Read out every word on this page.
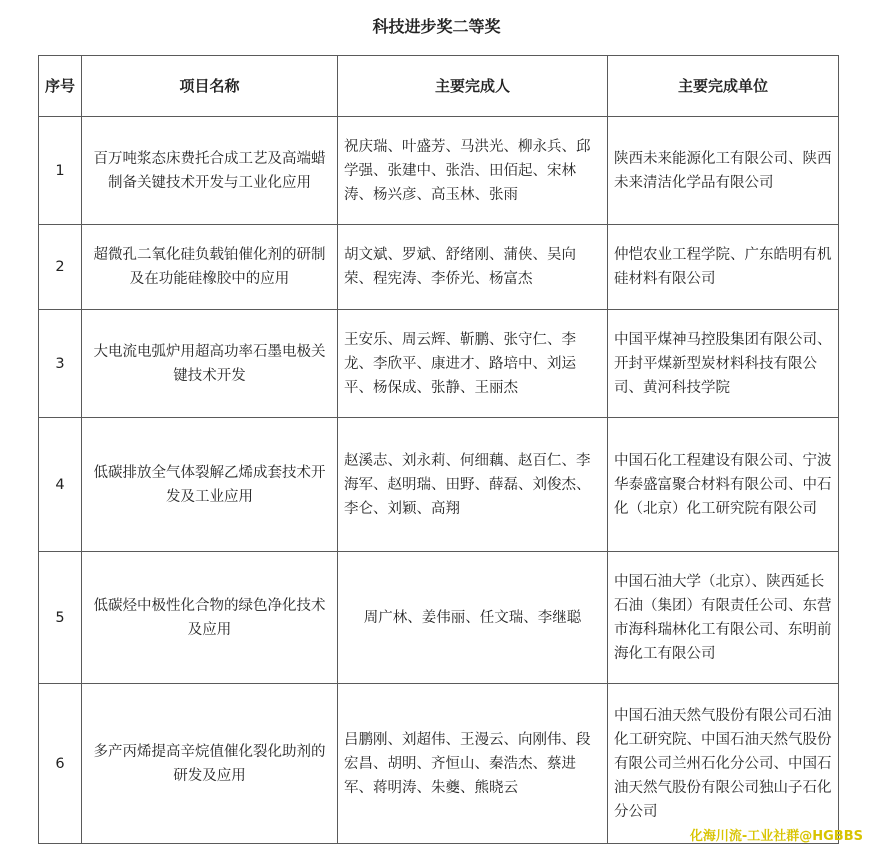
科技进步奖二等奖
序号	项目名称	主要完成人	主要完成单位
1	百万吨浆态床费托合成工艺及高端蜡制备关键技术开发与工业化应用	祝庆瑞、叶盛芳、马洪光、柳永兵、邱学强、张建中、张浩、田佰起、宋林涛、杨兴彦、高玉林、张雨	陕西未来能源化工有限公司、陕西未来清洁化学品有限公司
2	超微孔二氧化硅负载铂催化剂的研制及在功能硅橡胶中的应用	胡文斌、罗斌、舒绪刚、蒲侠、吴向荣、程宪涛、李侨光、杨富杰	仲恺农业工程学院、广东皓明有机硅材料有限公司
3	大电流电弧炉用超高功率石墨电极关键技术开发	王安乐、周云辉、靳鹏、张守仁、李龙、李欣平、康进才、路培中、刘运平、杨保成、张静、王丽杰	中国平煤神马控股集团有限公司、开封平煤新型炭材料科技有限公司、黄河科技学院
4	低碳排放全气体裂解乙烯成套技术开发及工业应用	赵溪志、刘永莉、何细藕、赵百仁、李海军、赵明瑞、田野、薛磊、刘俊杰、李仑、刘颖、高翔	中国石化工程建设有限公司、宁波华泰盛富聚合材料有限公司、中石化（北京）化工研究院有限公司
5	低碳烃中极性化合物的绿色净化技术及应用	周广林、姜伟丽、任文瑞、李继聪	中国石油大学（北京）、陕西延长石油（集团）有限责任公司、东营市海科瑞林化工有限公司、东明前海化工有限公司
6	多产丙烯提高辛烷值催化裂化助剂的研发及应用	吕鹏刚、刘超伟、王漫云、向刚伟、段宏昌、胡明、齐恒山、秦浩杰、蔡进军、蒋明涛、朱夔、熊晓云	中国石油天然气股份有限公司石油化工研究院、中国石油天然气股份有限公司兰州石化分公司、中国石油天然气股份有限公司独山子石化分公司
化海川流-工业社群@HGBBS
